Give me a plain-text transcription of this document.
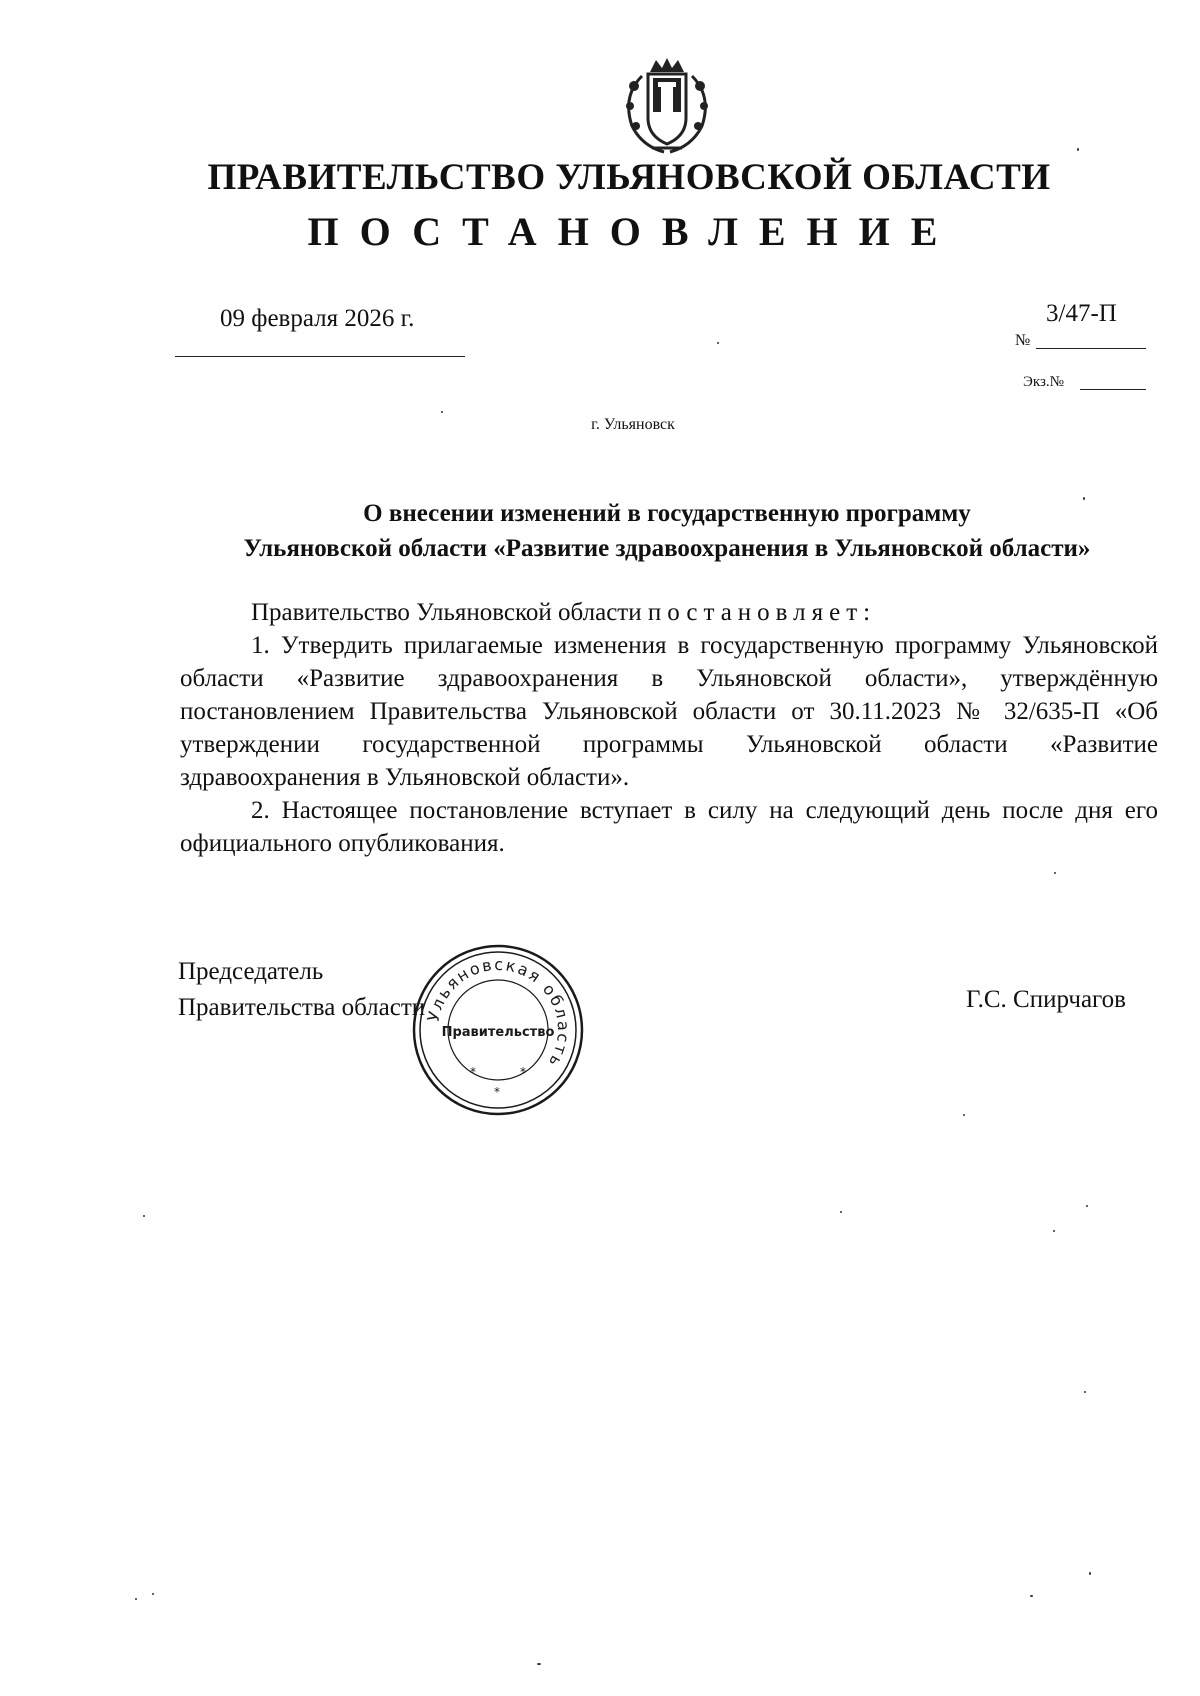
ПРАВИТЕЛЬСТВО УЛЬЯНОВСКОЙ ОБЛАСТИ
ПОСТАНОВЛЕНИЕ
09 февраля 2026 г.	3/47-П
№
Экз.№
г. Ульяновск
О внесении изменений в государственную программу
Ульяновской области «Развитие здравоохранения в Ульяновской области»

Правительство Ульяновской области постановляет:

1. Утвердить прилагаемые изменения в государственную программу Ульяновской области «Развитие здравоохранения в Ульяновской области», утверждённую постановлением Правительства Ульяновской области от 30.11.2023 № 32/635-П «Об утверждении государственной программы Ульяновской области «Развитие здравоохранения в Ульяновской области».

2. Настоящее постановление вступает в силу на следующий день после дня его официального опубликования.

Председатель
Правительства области
Ульяновская область
Правительство
*	*
*
Г.С. Спирчагов
